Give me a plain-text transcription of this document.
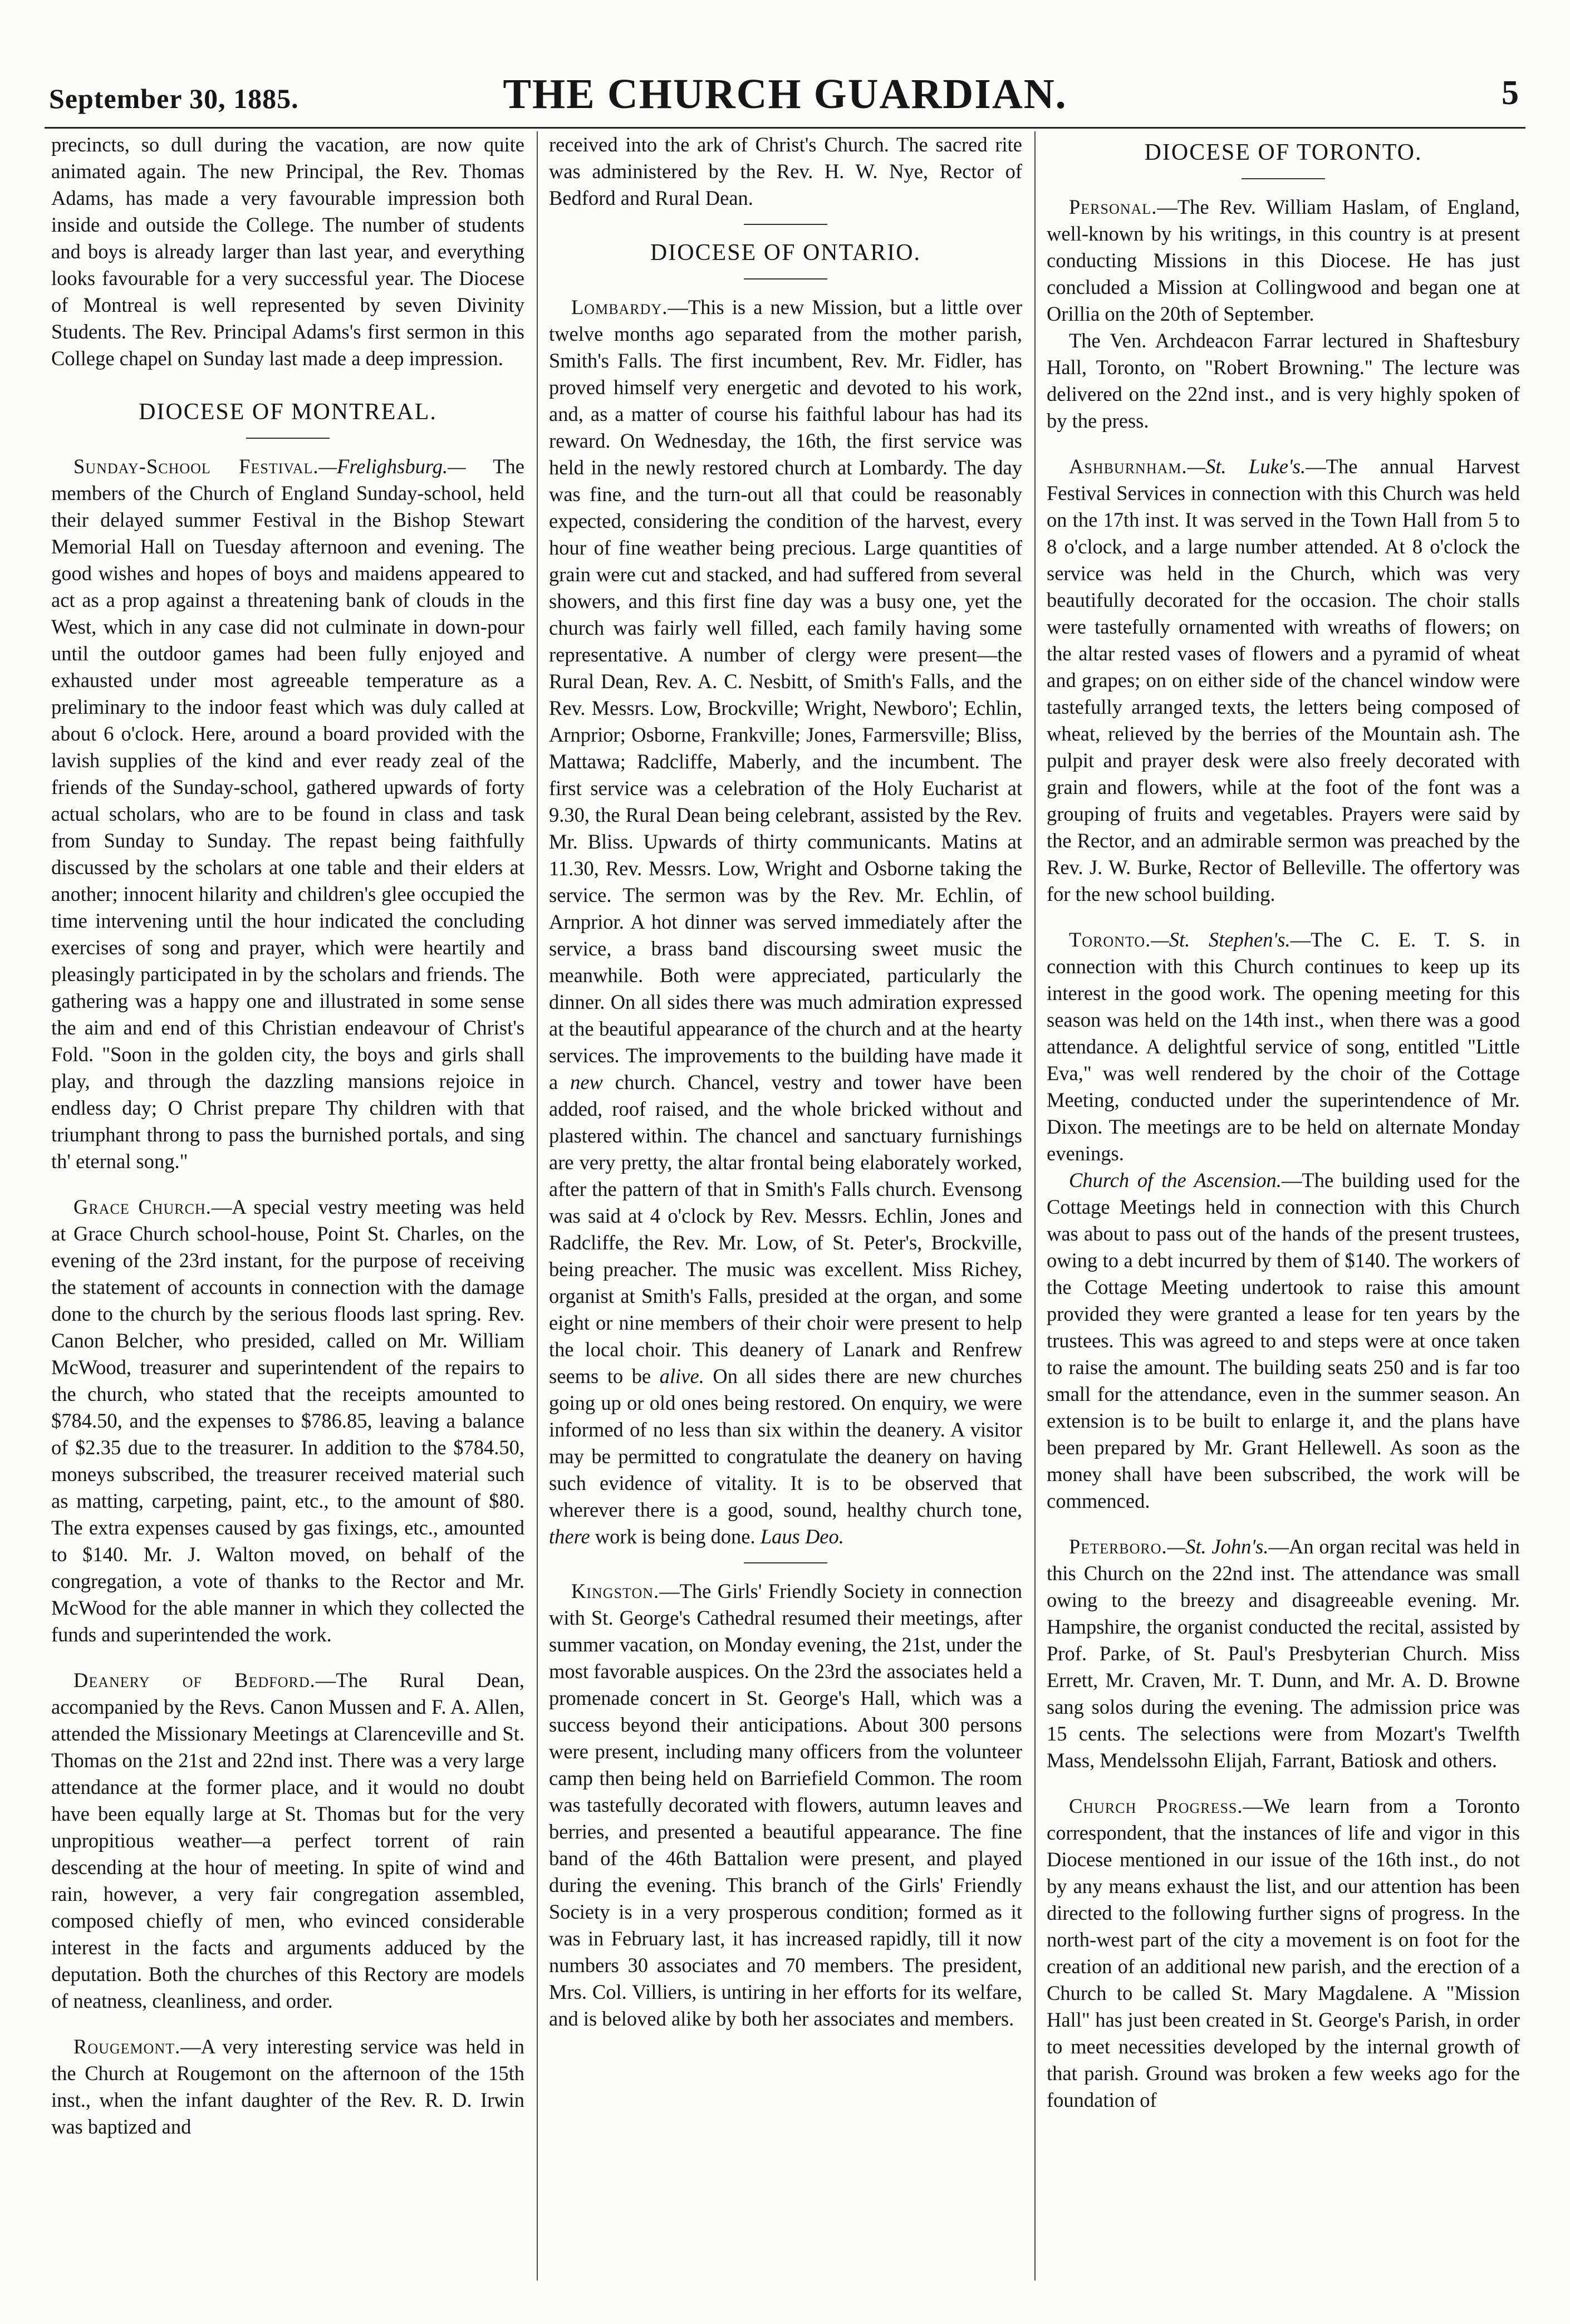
September 30, 1885.	THE CHURCH GUARDIAN.	5

precincts, so dull during the vacation, are now quite animated again. The new Principal, the Rev. Thomas Adams, has made a very favourable impression both inside and outside the College. The number of students and boys is already larger than last year, and everything looks favourable for a very successful year. The Diocese of Montreal is well represented by seven Divinity Students. The Rev. Principal Adams's first sermon in this College chapel on Sunday last made a deep impression.

DIOCESE OF MONTREAL.

Sunday-School Festival.—Frelighsburg.— The members of the Church of England Sunday-school, held their delayed summer Festival in the Bishop Stewart Memorial Hall on Tuesday afternoon and evening. The good wishes and hopes of boys and maidens appeared to act as a prop against a threatening bank of clouds in the West, which in any case did not culminate in down-pour until the outdoor games had been fully enjoyed and exhausted under most agreeable temperature as a preliminary to the indoor feast which was duly called at about 6 o'clock. Here, around a board provided with the lavish supplies of the kind and ever ready zeal of the friends of the Sunday-school, gathered upwards of forty actual scholars, who are to be found in class and task from Sunday to Sunday. The repast being faithfully discussed by the scholars at one table and their elders at another; innocent hilarity and children's glee occupied the time intervening until the hour indicated the concluding exercises of song and prayer, which were heartily and pleasingly participated in by the scholars and friends. The gathering was a happy one and illustrated in some sense the aim and end of this Christian endeavour of Christ's Fold. "Soon in the golden city, the boys and girls shall play, and through the dazzling mansions rejoice in endless day; O Christ prepare Thy children with that triumphant throng to pass the burnished portals, and sing th' eternal song."

Grace Church.—A special vestry meeting was held at Grace Church school-house, Point St. Charles, on the evening of the 23rd instant, for the purpose of receiving the statement of accounts in connection with the damage done to the church by the serious floods last spring. Rev. Canon Belcher, who presided, called on Mr. William McWood, treasurer and superintendent of the repairs to the church, who stated that the receipts amounted to $784.50, and the expenses to $786.85, leaving a balance of $2.35 due to the treasurer. In addition to the $784.50, moneys subscribed, the treasurer received material such as matting, carpeting, paint, etc., to the amount of $80. The extra expenses caused by gas fixings, etc., amounted to $140. Mr. J. Walton moved, on behalf of the congregation, a vote of thanks to the Rector and Mr. McWood for the able manner in which they collected the funds and superintended the work.

Deanery of Bedford.—The Rural Dean, accompanied by the Revs. Canon Mussen and F. A. Allen, attended the Missionary Meetings at Clarenceville and St. Thomas on the 21st and 22nd inst. There was a very large attendance at the former place, and it would no doubt have been equally large at St. Thomas but for the very unpropitious weather—a perfect torrent of rain descending at the hour of meeting. In spite of wind and rain, however, a very fair congregation assembled, composed chiefly of men, who evinced considerable interest in the facts and arguments adduced by the deputation. Both the churches of this Rectory are models of neatness, cleanliness, and order.

Rougemont.—A very interesting service was held in the Church at Rougemont on the afternoon of the 15th inst., when the infant daughter of the Rev. R. D. Irwin was baptized and

received into the ark of Christ's Church. The sacred rite was administered by the Rev. H. W. Nye, Rector of Bedford and Rural Dean.

DIOCESE OF ONTARIO.

Lombardy.—This is a new Mission, but a little over twelve months ago separated from the mother parish, Smith's Falls. The first incumbent, Rev. Mr. Fidler, has proved himself very energetic and devoted to his work, and, as a matter of course his faithful labour has had its reward. On Wednesday, the 16th, the first service was held in the newly restored church at Lombardy. The day was fine, and the turn-out all that could be reasonably expected, considering the condition of the harvest, every hour of fine weather being precious. Large quantities of grain were cut and stacked, and had suffered from several showers, and this first fine day was a busy one, yet the church was fairly well filled, each family having some representative. A number of clergy were present—the Rural Dean, Rev. A. C. Nesbitt, of Smith's Falls, and the Rev. Messrs. Low, Brockville; Wright, Newboro'; Echlin, Arnprior; Osborne, Frankville; Jones, Farmersville; Bliss, Mattawa; Radcliffe, Maberly, and the incumbent. The first service was a celebration of the Holy Eucharist at 9.30, the Rural Dean being celebrant, assisted by the Rev. Mr. Bliss. Upwards of thirty communicants. Matins at 11.30, Rev. Messrs. Low, Wright and Osborne taking the service. The sermon was by the Rev. Mr. Echlin, of Arnprior. A hot dinner was served immediately after the service, a brass band discoursing sweet music the meanwhile. Both were appreciated, particularly the dinner. On all sides there was much admiration expressed at the beautiful appearance of the church and at the hearty services. The improvements to the building have made it a new church. Chancel, vestry and tower have been added, roof raised, and the whole bricked without and plastered within. The chancel and sanctuary furnishings are very pretty, the altar frontal being elaborately worked, after the pattern of that in Smith's Falls church. Evensong was said at 4 o'clock by Rev. Messrs. Echlin, Jones and Radcliffe, the Rev. Mr. Low, of St. Peter's, Brockville, being preacher. The music was excellent. Miss Richey, organist at Smith's Falls, presided at the organ, and some eight or nine members of their choir were present to help the local choir. This deanery of Lanark and Renfrew seems to be alive. On all sides there are new churches going up or old ones being restored. On enquiry, we were informed of no less than six within the deanery. A visitor may be permitted to congratulate the deanery on having such evidence of vitality. It is to be observed that wherever there is a good, sound, healthy church tone, there work is being done. Laus Deo.

Kingston.—The Girls' Friendly Society in connection with St. George's Cathedral resumed their meetings, after summer vacation, on Monday evening, the 21st, under the most favorable auspices. On the 23rd the associates held a promenade concert in St. George's Hall, which was a success beyond their anticipations. About 300 persons were present, including many officers from the volunteer camp then being held on Barriefield Common. The room was tastefully decorated with flowers, autumn leaves and berries, and presented a beautiful appearance. The fine band of the 46th Battalion were present, and played during the evening. This branch of the Girls' Friendly Society is in a very prosperous condition; formed as it was in February last, it has increased rapidly, till it now numbers 30 associates and 70 members. The president, Mrs. Col. Villiers, is untiring in her efforts for its welfare, and is beloved alike by both her associates and members.

DIOCESE OF TORONTO.

Personal.—The Rev. William Haslam, of England, well-known by his writings, in this country is at present conducting Missions in this Diocese. He has just concluded a Mission at Collingwood and began one at Orillia on the 20th of September.

The Ven. Archdeacon Farrar lectured in Shaftesbury Hall, Toronto, on "Robert Browning." The lecture was delivered on the 22nd inst., and is very highly spoken of by the press.

Ashburnham.—St. Luke's.—The annual Harvest Festival Services in connection with this Church was held on the 17th inst. It was served in the Town Hall from 5 to 8 o'clock, and a large number attended. At 8 o'clock the service was held in the Church, which was very beautifully decorated for the occasion. The choir stalls were tastefully ornamented with wreaths of flowers; on the altar rested vases of flowers and a pyramid of wheat and grapes; on on either side of the chancel window were tastefully arranged texts, the letters being composed of wheat, relieved by the berries of the Mountain ash. The pulpit and prayer desk were also freely decorated with grain and flowers, while at the foot of the font was a grouping of fruits and vegetables. Prayers were said by the Rector, and an admirable sermon was preached by the Rev. J. W. Burke, Rector of Belleville. The offertory was for the new school building.

Toronto.—St. Stephen's.—The C. E. T. S. in connection with this Church continues to keep up its interest in the good work. The opening meeting for this season was held on the 14th inst., when there was a good attendance. A delightful service of song, entitled "Little Eva," was well rendered by the choir of the Cottage Meeting, conducted under the superintendence of Mr. Dixon. The meetings are to be held on alternate Monday evenings.

Church of the Ascension.—The building used for the Cottage Meetings held in connection with this Church was about to pass out of the hands of the present trustees, owing to a debt incurred by them of $140. The workers of the Cottage Meeting undertook to raise this amount provided they were granted a lease for ten years by the trustees. This was agreed to and steps were at once taken to raise the amount. The building seats 250 and is far too small for the attendance, even in the summer season. An extension is to be built to enlarge it, and the plans have been prepared by Mr. Grant Hellewell. As soon as the money shall have been subscribed, the work will be commenced.

Peterboro.—St. John's.—An organ recital was held in this Church on the 22nd inst. The attendance was small owing to the breezy and disagreeable evening. Mr. Hampshire, the organist conducted the recital, assisted by Prof. Parke, of St. Paul's Presbyterian Church. Miss Errett, Mr. Craven, Mr. T. Dunn, and Mr. A. D. Browne sang solos during the evening. The admission price was 15 cents. The selections were from Mozart's Twelfth Mass, Mendelssohn Elijah, Farrant, Batiosk and others.

Church Progress.—We learn from a Toronto correspondent, that the instances of life and vigor in this Diocese mentioned in our issue of the 16th inst., do not by any means exhaust the list, and our attention has been directed to the following further signs of progress. In the north-west part of the city a movement is on foot for the creation of an additional new parish, and the erection of a Church to be called St. Mary Magdalene. A "Mission Hall" has just been created in St. George's Parish, in order to meet necessities developed by the internal growth of that parish. Ground was broken a few weeks ago for the foundation of
